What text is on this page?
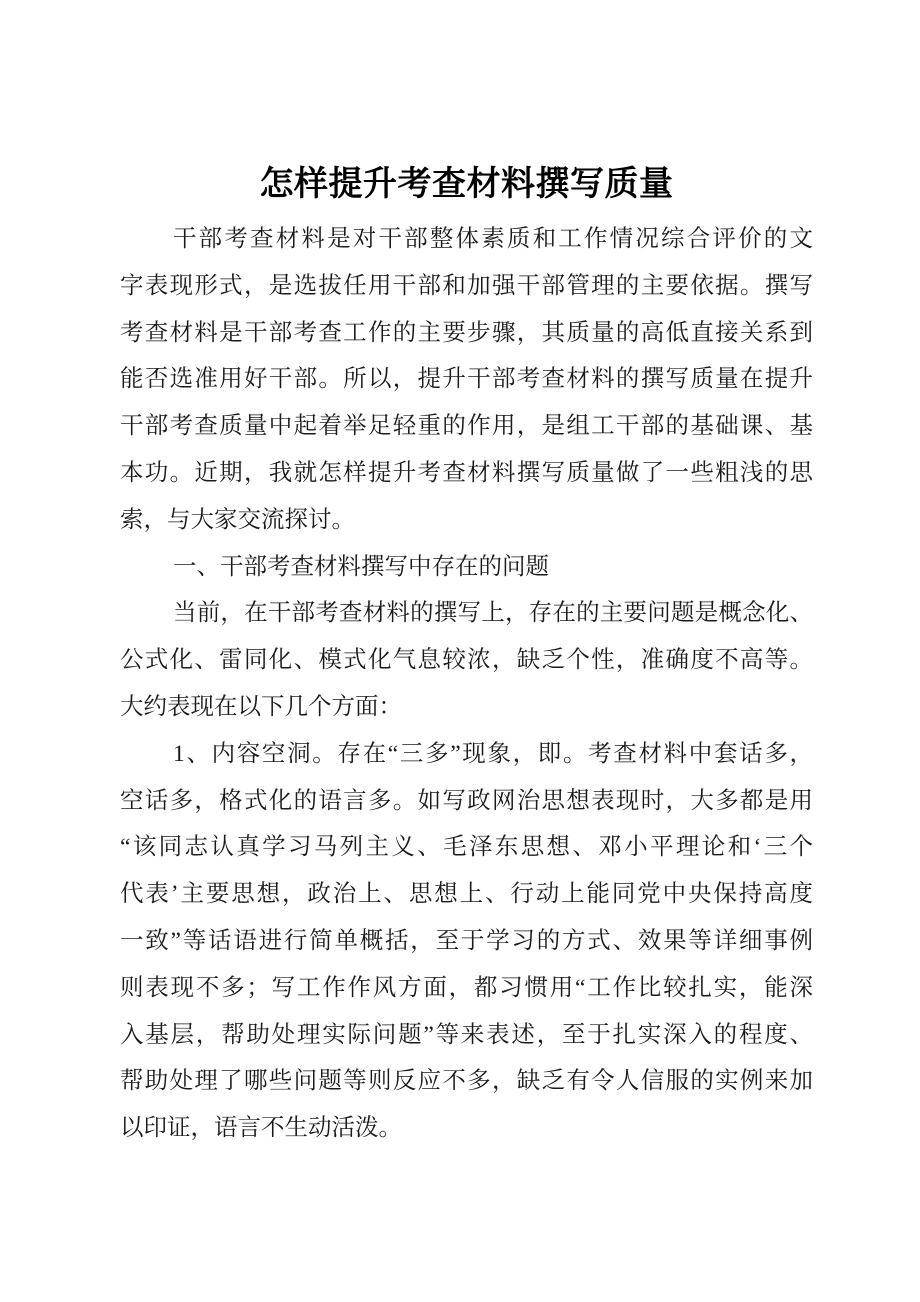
怎样提升考查材料撰写质量
干部考查材料是对干部整体素质和工作情况综合评价的文
字表现形式，是选拔任用干部和加强干部管理的主要依据。撰写
考查材料是干部考查工作的主要步骤，其质量的高低直接关系到
能否选准用好干部。所以，提升干部考查材料的撰写质量在提升
干部考查质量中起着举足轻重的作用，是组工干部的基础课、基
本功。近期，我就怎样提升考查材料撰写质量做了一些粗浅的思
索，与大家交流探讨。
一、干部考查材料撰写中存在的问题
当前，在干部考查材料的撰写上，存在的主要问题是概念化、
公式化、雷同化、模式化气息较浓，缺乏个性，准确度不高等。
大约表现在以下几个方面：
1、内容空洞。存在“三多”现象，即。考查材料中套话多，
空话多，格式化的语言多。如写政网治思想表现时，大多都是用
“该同志认真学习马列主义、毛泽东思想、邓小平理论和‘三个
代表’主要思想，政治上、思想上、行动上能同党中央保持高度
一致”等话语进行简单概括，至于学习的方式、效果等详细事例
则表现不多；写工作作风方面，都习惯用“工作比较扎实，能深
入基层，帮助处理实际问题”等来表述，至于扎实深入的程度、
帮助处理了哪些问题等则反应不多，缺乏有令人信服的实例来加
以印证，语言不生动活泼。
